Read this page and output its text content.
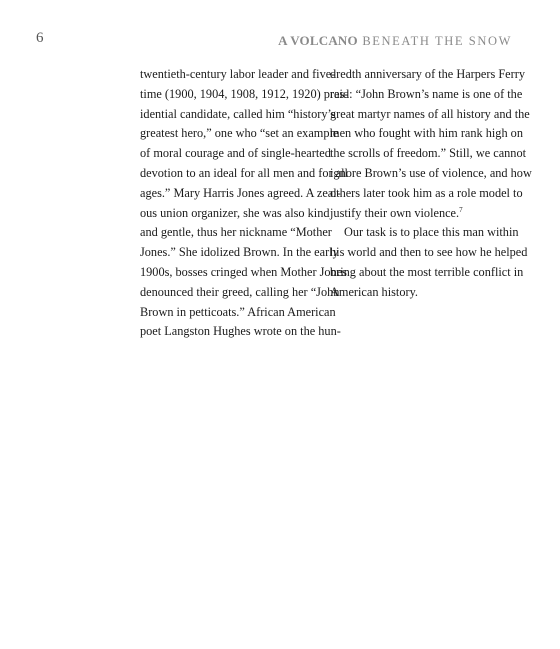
6	A VOLCANO BENEATH THE SNOW
twentieth-century labor leader and five-
time (1900, 1904, 1908, 1912, 1920) pres-
idential candidate, called him “history’s
greatest hero,” one who “set an example
of moral courage and of single-hearted
devotion to an ideal for all men and for all
ages.” Mary Harris Jones agreed. A zeal-
ous union organizer, she was also kind
and gentle, thus her nickname “Mother
Jones.” She idolized Brown. In the early
1900s, bosses cringed when Mother Jones
denounced their greed, calling her “John
Brown in petticoats.” African American
poet Langston Hughes wrote on the hun-
dredth anniversary of the Harpers Ferry
raid: “John Brown’s name is one of the
great martyr names of all history and the
men who fought with him rank high on
the scrolls of freedom.” Still, we cannot
ignore Brown’s use of violence, and how
others later took him as a role model to
justify their own violence.$^7$
Our task is to place this man within
his world and then to see how he helped
bring about the most terrible conflict in
American history.
